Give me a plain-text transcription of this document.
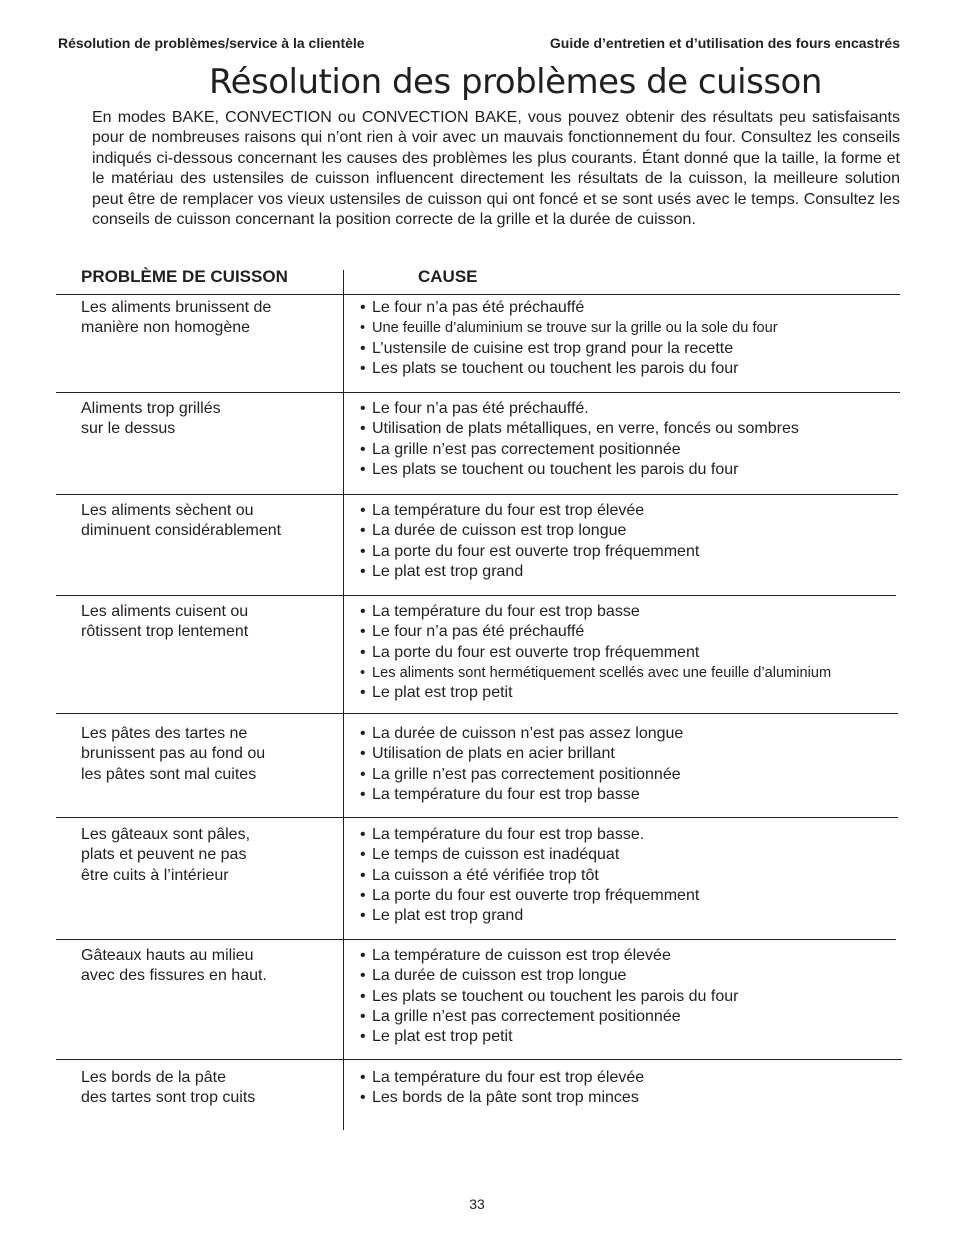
Résolution de problèmes/service à la clientèle	Guide d’entretien et d’utilisation des fours encastrés
Résolution des problèmes de cuisson

En modes BAKE, CONVECTION ou CONVECTION BAKE, vous pouvez obtenir des résultats peu satisfaisants pour de nombreuses raisons qui n’ont rien à voir avec un mauvais fonctionnement du four. Consultez les conseils indiqués ci-dessous concernant les causes des problèmes les plus courants. Étant donné que la taille, la forme et le matériau des ustensiles de cuisson influencent directement les résultats de la cuisson, la meilleure solution peut être de remplacer vos vieux ustensiles de cuisson qui ont foncé et se sont usés avec le temps. Consultez les conseils de cuisson concernant la position correcte de la grille et la durée de cuisson.

PROBLÈME DE CUISSON	CAUSE
Les aliments brunissent de
manière non homogène
• Le four n’a pas été préchauffé
• Une feuille d’aluminium se trouve sur la grille ou la sole du four
• L’ustensile de cuisine est trop grand pour la recette
• Les plats se touchent ou touchent les parois du four
Aliments trop grillés
sur le dessus
• Le four n’a pas été préchauffé.
• Utilisation de plats métalliques, en verre, foncés ou sombres
• La grille n’est pas correctement positionnée
• Les plats se touchent ou touchent les parois du four
Les aliments sèchent ou
diminuent considérablement
• La température du four est trop élevée
• La durée de cuisson est trop longue
• La porte du four est ouverte trop fréquemment
• Le plat est trop grand
Les aliments cuisent ou
rôtissent trop lentement
• La température du four est trop basse
• Le four n’a pas été préchauffé
• La porte du four est ouverte trop fréquemment
• Les aliments sont hermétiquement scellés avec une feuille d’aluminium
• Le plat est trop petit
Les pâtes des tartes ne
brunissent pas au fond ou
les pâtes sont mal cuites
• La durée de cuisson n’est pas assez longue
• Utilisation de plats en acier brillant
• La grille n’est pas correctement positionnée
• La température du four est trop basse
Les gâteaux sont pâles,
plats et peuvent ne pas
être cuits à l’intérieur
• La température du four est trop basse.
• Le temps de cuisson est inadéquat
• La cuisson a été vérifiée trop tôt
• La porte du four est ouverte trop fréquemment
• Le plat est trop grand
Gâteaux hauts au milieu
avec des fissures en haut.
• La température de cuisson est trop élevée
• La durée de cuisson est trop longue
• Les plats se touchent ou touchent les parois du four
• La grille n’est pas correctement positionnée
• Le plat est trop petit
Les bords de la pâte
des tartes sont trop cuits
• La température du four est trop élevée
• Les bords de la pâte sont trop minces
33
